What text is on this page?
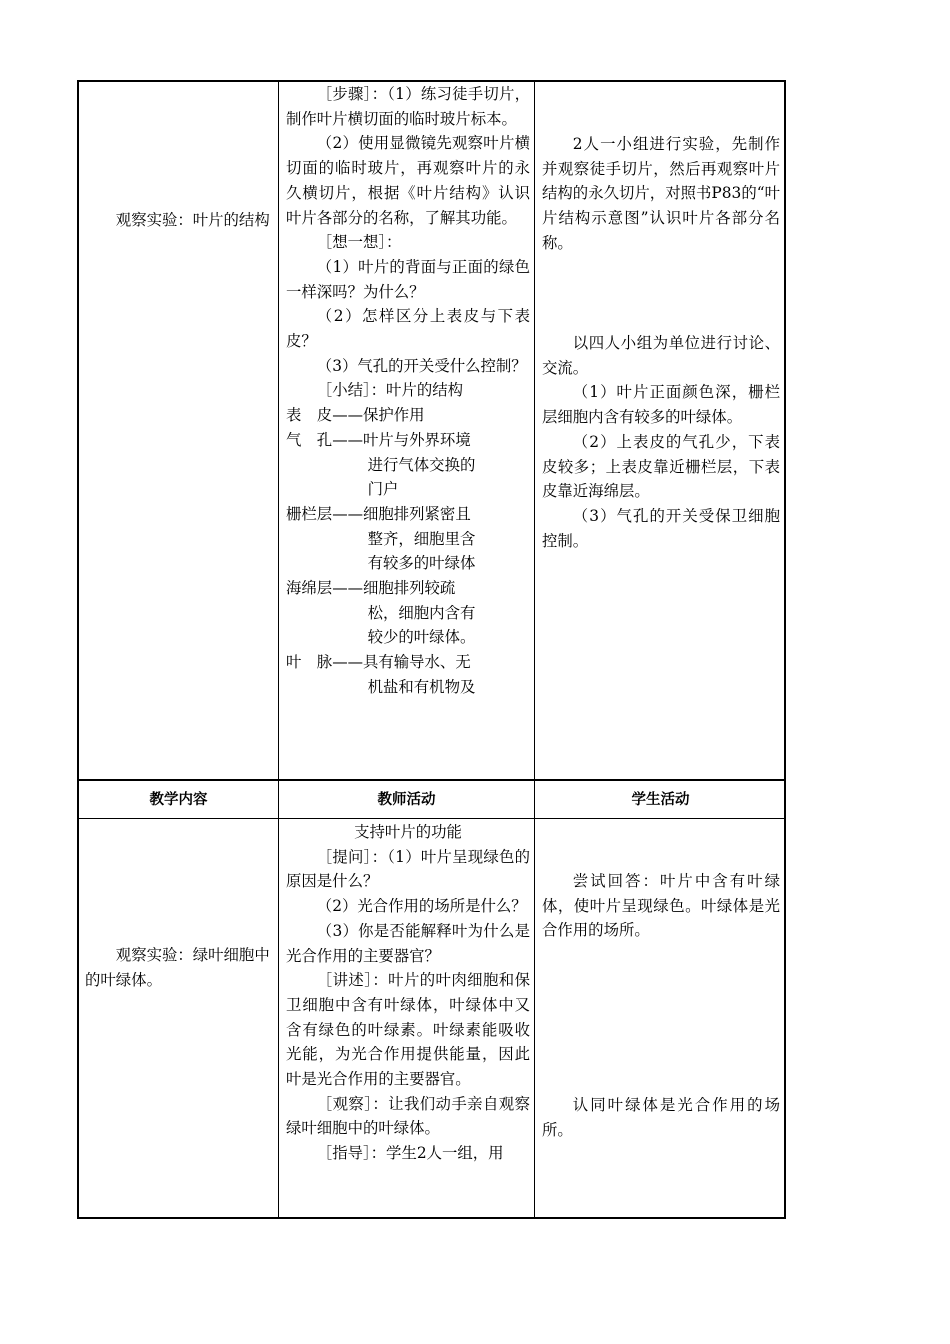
观察实验：叶片的结构

［步骤］：（1）练习徒手切片，制作叶片横切面的临时玻片标本。

（2）使用显微镜先观察叶片横切面的临时玻片，再观察叶片的永久横切片，根据《叶片结构》认识叶片各部分的名称，了解其功能。

［想一想］：

（1）叶片的背面与正面的绿色一样深吗？为什么？

（2）怎样区分上表皮与下表皮？

（3）气孔的开关受什么控制？

［小结］：叶片的结构

表　皮——保护作用
气　孔——叶片与外界环境
进行气体交换的
门户
栅栏层——细胞排列紧密且
整齐，细胞里含
有较多的叶绿体
海绵层——细胞排列较疏
松，细胞内含有
较少的叶绿体。
叶　脉——具有输导水、无
机盐和有机物及

2人一小组进行实验，先制作并观察徒手切片，然后再观察叶片结构的永久切片，对照书P83的“叶片结构示意图”认识叶片各部分名称。

以四人小组为单位进行讨论、交流。

（1）叶片正面颜色深，栅栏层细胞内含有较多的叶绿体。

（2）上表皮的气孔少，下表皮较多；上表皮靠近栅栏层，下表皮靠近海绵层。

（3）气孔的开关受保卫细胞控制。

教学内容	教师活动	学生活动

观察实验：绿叶细胞中的叶绿体。

支持叶片的功能

［提问］：（1）叶片呈现绿色的原因是什么？

（2）光合作用的场所是什么？

（3）你是否能解释叶为什么是光合作用的主要器官？

［讲述］：叶片的叶肉细胞和保卫细胞中含有叶绿体，叶绿体中又含有绿色的叶绿素。叶绿素能吸收光能，为光合作用提供能量，因此叶是光合作用的主要器官。

［观察］：让我们动手亲自观察绿叶细胞中的叶绿体。

［指导］：学生2人一组，用

尝试回答：叶片中含有叶绿体，使叶片呈现绿色。叶绿体是光合作用的场所。

认同叶绿体是光合作用的场所。
